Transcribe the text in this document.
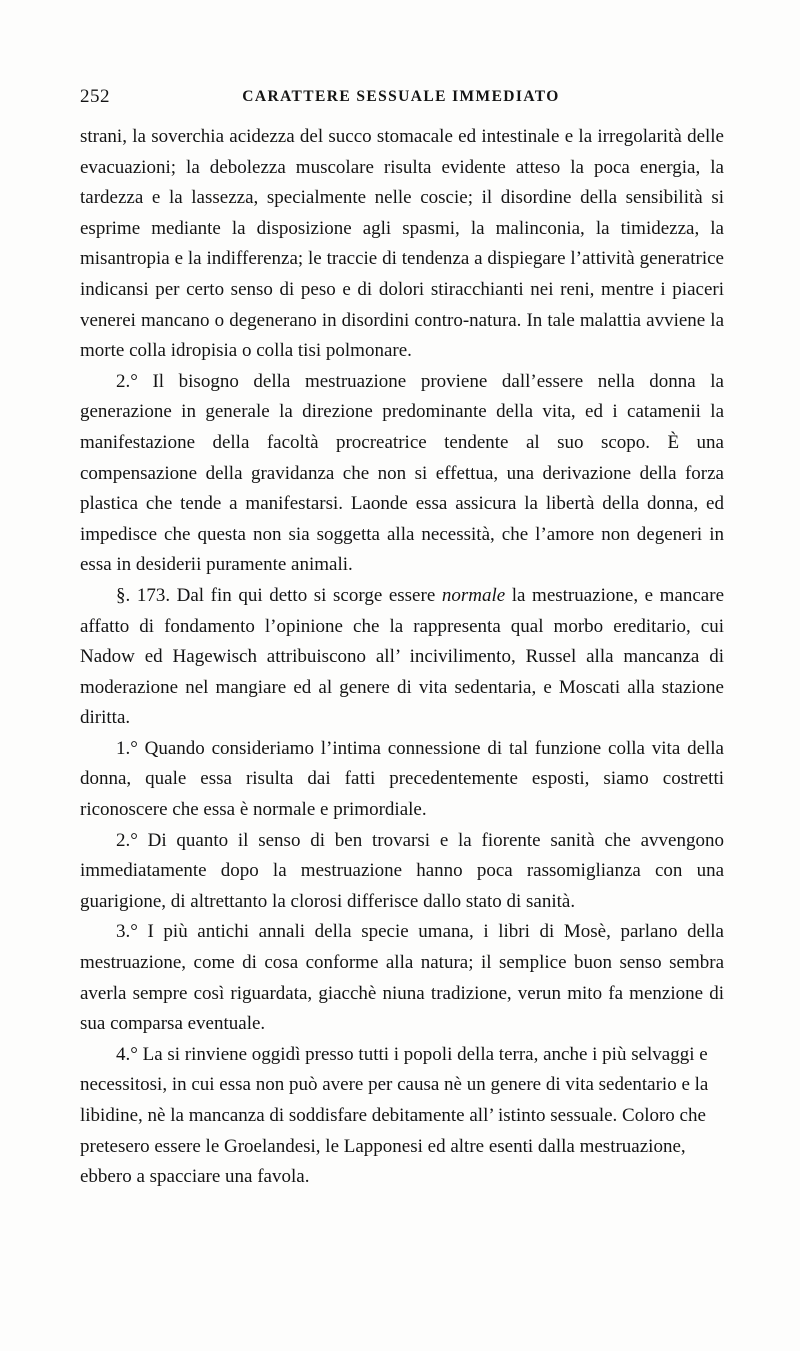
252	CARATTERE SESSUALE IMMEDIATO

strani, la soverchia acidezza del succo stomacale ed intestinale e la irregolarità delle evacuazioni; la debolezza muscolare risulta evidente atteso la poca energia, la tardezza e la lassezza, specialmente nelle coscie; il disordine della sensibilità si esprime mediante la disposizione agli spasmi, la malinconia, la timidezza, la misantropia e la indifferenza; le traccie di tendenza a dispiegare l’attività generatrice indicansi per certo senso di peso e di dolori stiracchianti nei reni, mentre i piaceri venerei mancano o degenerano in disordini contro-natura. In tale malattia avviene la morte colla idropisia o colla tisi polmonare.

2.° Il bisogno della mestruazione proviene dall’essere nella donna la generazione in generale la direzione predominante della vita, ed i catamenii la manifestazione della facoltà procreatrice tendente al suo scopo. È una compensazione della gravidanza che non si effettua, una derivazione della forza plastica che tende a manifestarsi. Laonde essa assicura la libertà della donna, ed impedisce che questa non sia soggetta alla necessità, che l’amore non degeneri in essa in desiderii puramente animali.

§. 173. Dal fin qui detto si scorge essere normale la mestruazione, e mancare affatto di fondamento l’opinione che la rappresenta qual morbo ereditario, cui Nadow ed Hagewisch attribuiscono all’ incivilimento, Russel alla mancanza di moderazione nel mangiare ed al genere di vita sedentaria, e Moscati alla stazione diritta.

1.° Quando consideriamo l’intima connessione di tal funzione colla vita della donna, quale essa risulta dai fatti precedentemente esposti, siamo costretti riconoscere che essa è normale e primordiale.

2.° Di quanto il senso di ben trovarsi e la fiorente sanità che avvengono immediatamente dopo la mestruazione hanno poca rassomiglianza con una guarigione, di altrettanto la clorosi differisce dallo stato di sanità.

3.° I più antichi annali della specie umana, i libri di Mosè, parlano della mestruazione, come di cosa conforme alla natura; il semplice buon senso sembra averla sempre così riguardata, giacchè niuna tradizione, verun mito fa menzione di sua comparsa eventuale.

4.° La si rinviene oggidì presso tutti i popoli della terra, anche i più selvaggi e necessitosi, in cui essa non può avere per causa nè un genere di vita sedentario e la libidine, nè la mancanza di soddisfare debitamente all’ istinto sessuale. Coloro che pretesero essere le Groelandesi, le Lapponesi ed altre esenti dalla mestruazione, ebbero a spacciare una favola.
